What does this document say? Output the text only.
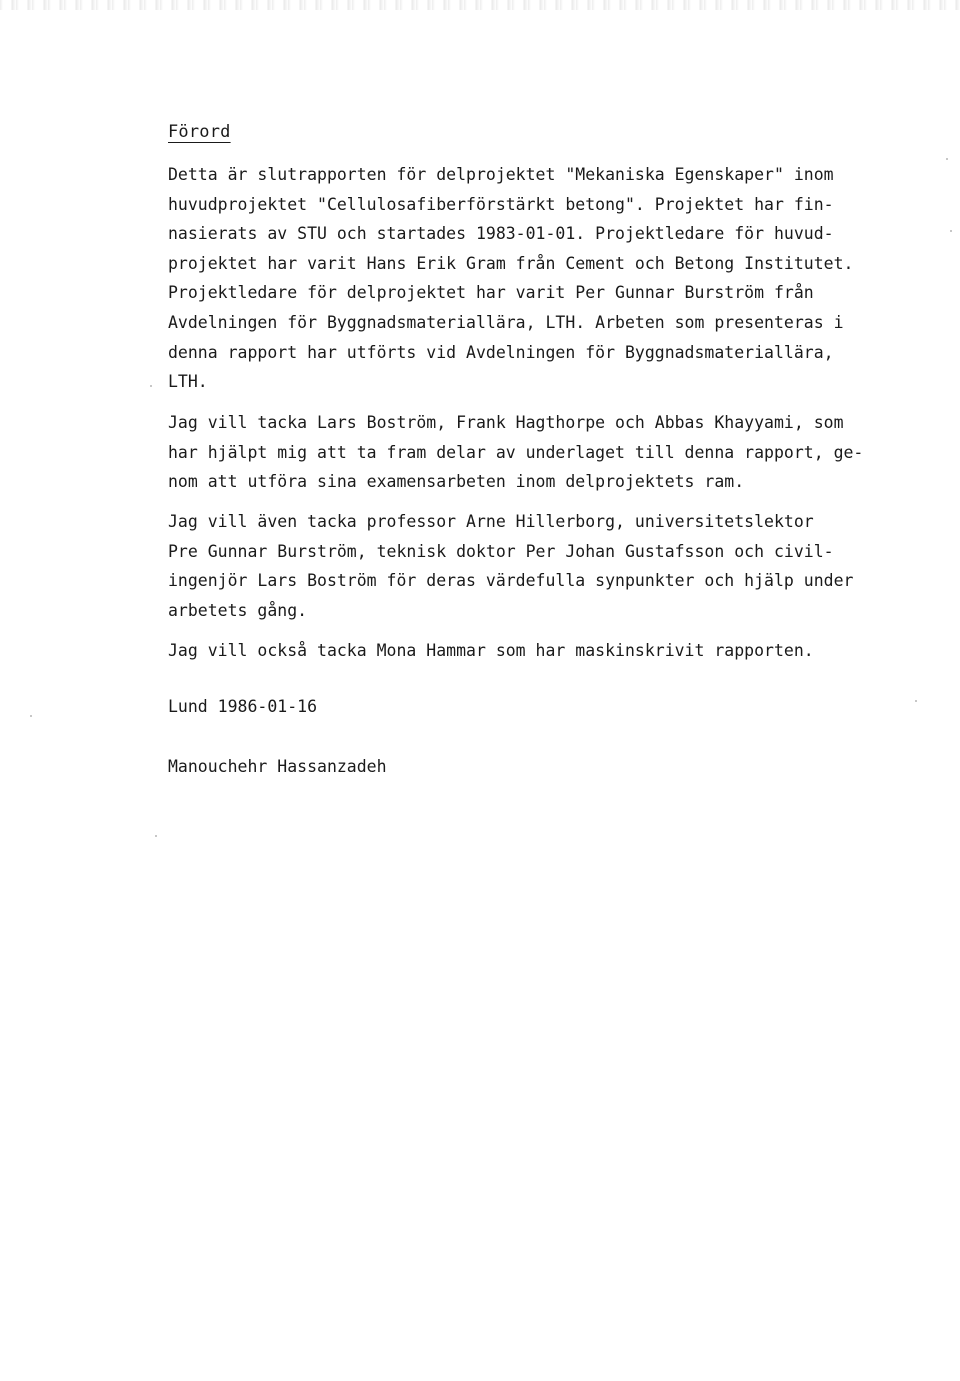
Förord
Detta är slutrapporten för delprojektet "Mekaniska Egenskaper" inom
huvudprojektet "Cellulosafiberförstärkt betong". Projektet har fin-
nasierats av STU och startades 1983-01-01. Projektledare för huvud-
projektet har varit Hans Erik Gram från Cement och Betong Institutet.
Projektledare för delprojektet har varit Per Gunnar Burström från
Avdelningen för Byggnadsmateriallära, LTH. Arbeten som presenteras i
denna rapport har utförts vid Avdelningen för Byggnadsmateriallära,
LTH.
Jag vill tacka Lars Boström, Frank Hagthorpe och Abbas Khayyami, som
har hjälpt mig att ta fram delar av underlaget till denna rapport, ge-
nom att utföra sina examensarbeten inom delprojektets ram.
Jag vill även tacka professor Arne Hillerborg, universitetslektor
Pre Gunnar Burström, teknisk doktor Per Johan Gustafsson och civil-
ingenjör Lars Boström för deras värdefulla synpunkter och hjälp under
arbetets gång.
Jag vill också tacka Mona Hammar som har maskinskrivit rapporten.
Lund 1986-01-16
Manouchehr Hassanzadeh
